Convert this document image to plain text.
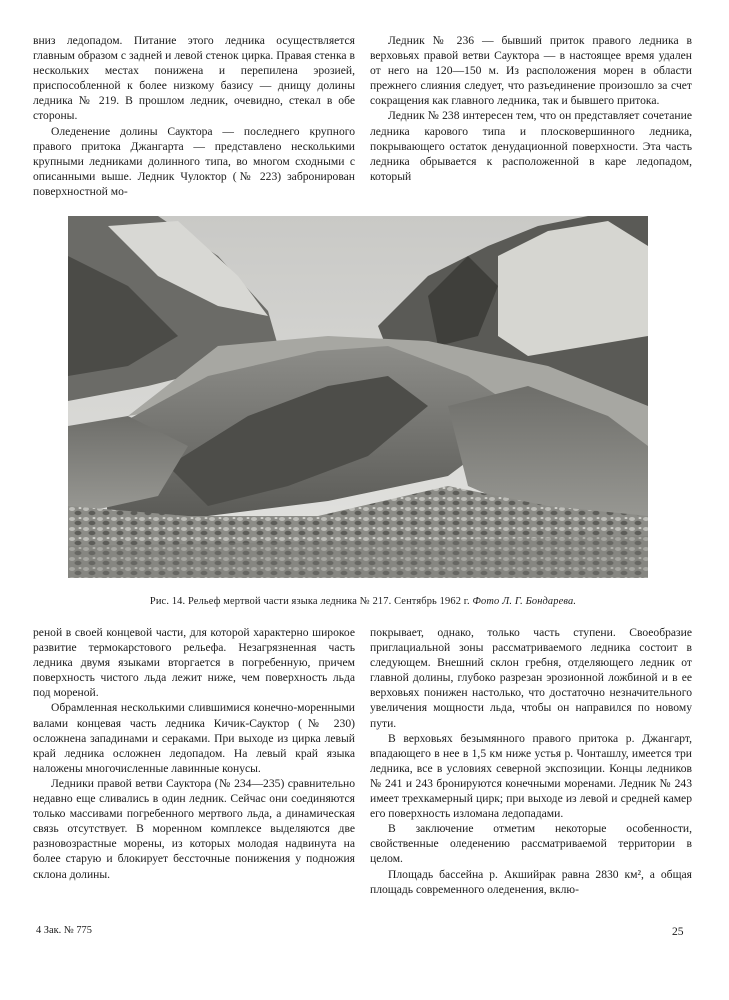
вниз ледопадом. Питание этого ледника осуществляется главным образом с задней и левой стенок цирка. Правая стенка в нескольких местах понижена и перепилена эрозией, приспособленной к более низкому базису — днищу долины ледника № 219. В прошлом ледник, очевидно, стекал в обе стороны.

Оледенение долины Сауктора — последнего крупного правого притока Джангарта — представлено несколькими крупными ледниками долинного типа, во многом сходными с описанными выше. Ледник Чулоктор (№ 223) забронирован поверхностной мо-

Ледник № 236 — бывший приток правого ледника в верховьях правой ветви Сауктора — в настоящее время удален от него на 120—150 м. Из расположения морен в области прежнего слияния следует, что разъединение произошло за счет сокращения как главного ледника, так и бывшего притока.

Ледник № 238 интересен тем, что он представляет сочетание ледника карового типа и плосковершинного ледника, покрывающего остаток денудационной поверхности. Эта часть ледника обрывается к расположенной в каре ледопадом, который

Рис. 14. Рельеф мертвой части языка ледника № 217. Сентябрь 1962 г. Фото Л. Г. Бондарева.

реной в своей концевой части, для которой характерно широкое развитие термокарстового рельефа. Незагрязненная часть ледника двумя языками вторгается в погребенную, причем поверхность чистого льда лежит ниже, чем поверхность льда под мореной.

Обрамленная несколькими слившимися конечно-моренными валами концевая часть ледника Кичик-Сауктор (№ 230) осложнена западинами и сераками. При выходе из цирка левый край ледника осложнен ледопадом. На левый край языка наложены многочисленные лавинные конусы.

Ледники правой ветви Сауктора (№ 234—235) сравнительно недавно еще сливались в один ледник. Сейчас они соединяются только массивами погребенного мертвого льда, а динамическая связь отсутствует. В моренном комплексе выделяются две разновозрастные морены, из которых молодая надвинута на более старую и блокирует бессточные понижения у подножия склона долины.

покрывает, однако, только часть ступени. Своеобразие приглациальной зоны рассматриваемого ледника состоит в следующем. Внешний склон гребня, отделяющего ледник от главной долины, глубоко разрезан эрозионной ложбиной и в ее верховьях понижен настолько, что достаточно незначительного увеличения мощности льда, чтобы он направился по новому пути.

В верховьях безымянного правого притока р. Джангарт, впадающего в нее в 1,5 км ниже устья р. Чонташлу, имеется три ледника, все в условиях северной экспозиции. Концы ледников № 241 и 243 бронируются конечными моренами. Ледник № 243 имеет трехкамерный цирк; при выходе из левой и средней камер его поверхность изломана ледопадами.

В заключение отметим некоторые особенности, свойственные оледенению рассматриваемой территории в целом.

Площадь бассейна р. Акшийрак равна 2830 км², а общая площадь современного оледенения, вклю-

4 Зак. № 775	25
